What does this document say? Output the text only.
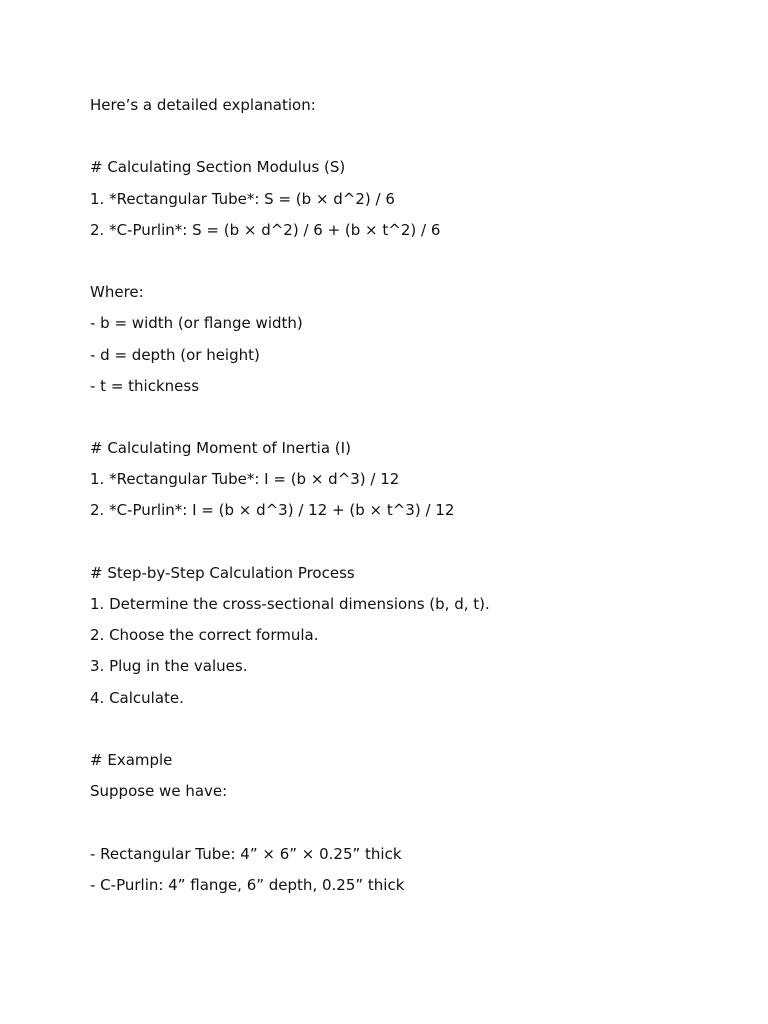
Here’s a detailed explanation:
# Calculating Section Modulus (S)
1. *Rectangular Tube*: S = (b × d^2) / 6
2. *C-Purlin*: S = (b × d^2) / 6 + (b × t^2) / 6
Where:
- b = width (or flange width)
- d = depth (or height)
- t = thickness
# Calculating Moment of Inertia (I)
1. *Rectangular Tube*: I = (b × d^3) / 12
2. *C-Purlin*: I = (b × d^3) / 12 + (b × t^3) / 12
# Step-by-Step Calculation Process
1. Determine the cross-sectional dimensions (b, d, t).
2. Choose the correct formula.
3. Plug in the values.
4. Calculate.
# Example
Suppose we have:
- Rectangular Tube: 4” × 6” × 0.25” thick
- C-Purlin: 4” flange, 6” depth, 0.25” thick
